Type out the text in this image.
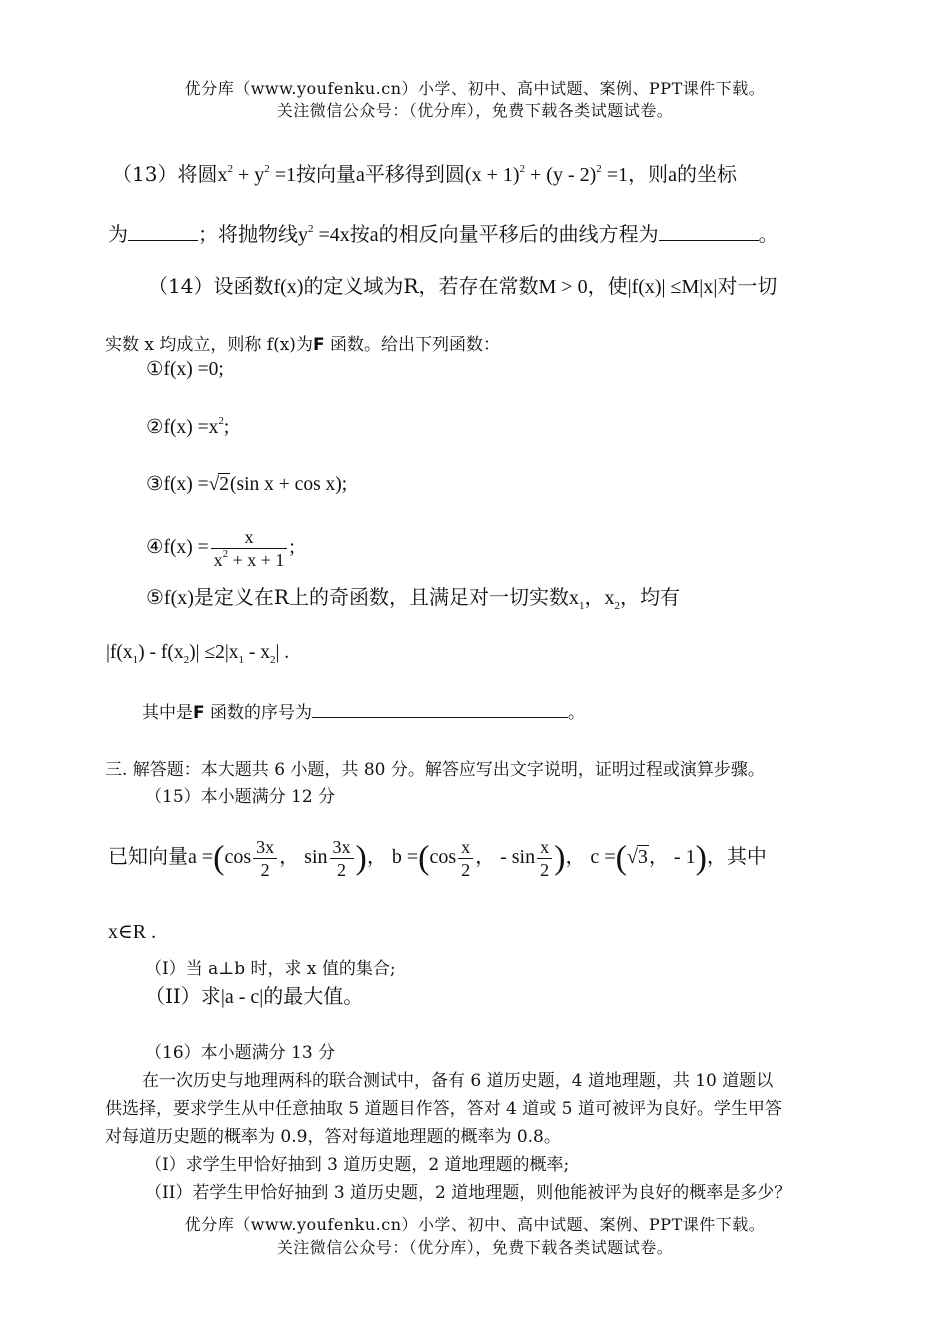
优分库（www.youfenku.cn）小学、初中、高中试题、案例、PPT课件下载。
关注微信公众号：（优分库），免费下载各类试题试卷。
（13）将圆$x^2 + y^2 =1$按向量a平移得到圆$(x + 1)^2 + (y - 2)^2 =1$，则a的坐标
为	；将抛物线$y^2 =4x$按a的相反向量平移后的曲线方程为	。
（14）设函数f(x)的定义域为R，若存在常数M > 0，使|f(x)| ≤M|x|对一切
实数 x 均成立，则称 f(x)为F 函数。给出下列函数：
①f(x) =0;
②f(x) $=x^2$;
③f(x) =√2(sin x + cos x);
④f(x) = $\frac{x}{x^2 + x + 1}$ ;
⑤f(x)是定义在R上的奇函数，且满足对一切实数$x_1$，$x_2$，均有
$|f(x_1) - f(x_2)| \le 2|x_1 - x_2|$ .
其中是F 函数的序号为	。
三. 解答题：本大题共 6 小题，共 80 分。解答应写出文字说明，证明过程或演算步骤。
（15）本小题满分 12 分
已知向量$a =(\cos \frac{3x}{2}$ ， $\sin \frac{3x}{2}$ )， $b =(\cos \frac{x}{2}$ ， - $\sin \frac{x}{2}$ )， c =(√3， - 1)，其中
x∈R .
（I）当 a⊥b 时，求 x 值的集合;
（II）求|a - c|的最大值。
（16）本小题满分 13 分
在一次历史与地理两科的联合测试中，备有 6 道历史题，4 道地理题，共 10 道题以
供选择，要求学生从中任意抽取 5 道题目作答，答对 4 道或 5 道可被评为良好。学生甲答
对每道历史题的概率为 0.9，答对每道地理题的概率为 0.8。
（I）求学生甲恰好抽到 3 道历史题，2 道地理题的概率;
（II）若学生甲恰好抽到 3 道历史题，2 道地理题，则他能被评为良好的概率是多少？
优分库（www.youfenku.cn）小学、初中、高中试题、案例、PPT课件下载。
关注微信公众号：（优分库），免费下载各类试题试卷。
